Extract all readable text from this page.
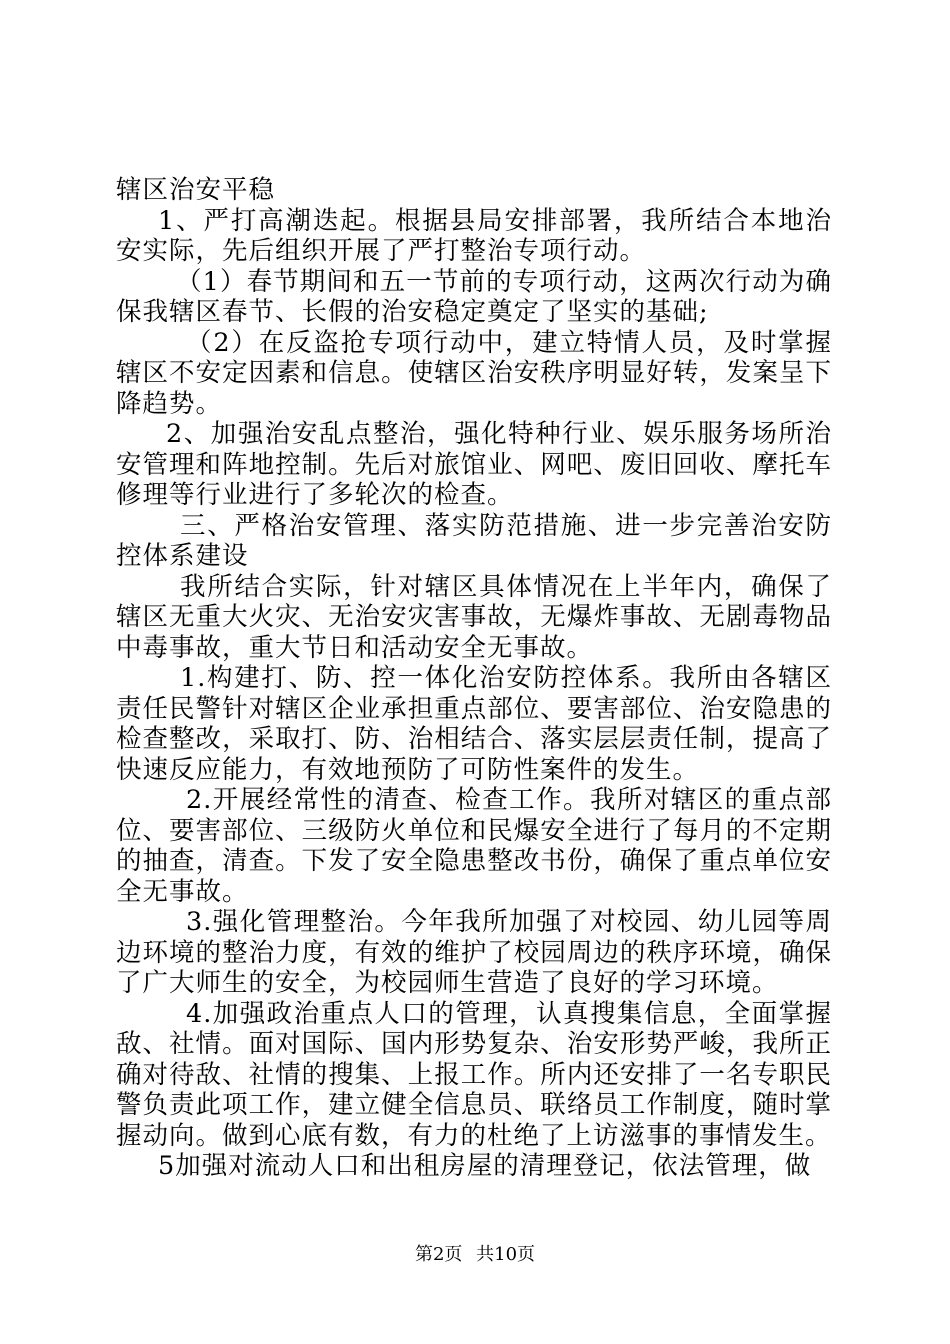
辖区治安平稳

1、严打高潮迭起。根据县局安排部署，我所结合本地治安实际，先后组织开展了严打整治专项行动。

（1）春节期间和五一节前的专项行动，这两次行动为确保我辖区春节、长假的治安稳定奠定了坚实的基础;

（2）在反盗抢专项行动中，建立特情人员，及时掌握辖区不安定因素和信息。使辖区治安秩序明显好转，发案呈下降趋势。

2、加强治安乱点整治，强化特种行业、娱乐服务场所治安管理和阵地控制。先后对旅馆业、网吧、废旧回收、摩托车修理等行业进行了多轮次的检查。

三、严格治安管理、落实防范措施、进一步完善治安防控体系建设

我所结合实际，针对辖区具体情况在上半年内，确保了辖区无重大火灾、无治安灾害事故，无爆炸事故、无剧毒物品中毒事故，重大节日和活动安全无事故。

1.构建打、防、控一体化治安防控体系。我所由各辖区责任民警针对辖区企业承担重点部位、要害部位、治安隐患的检查整改，采取打、防、治相结合、落实层层责任制，提高了快速反应能力，有效地预防了可防性案件的发生。

2.开展经常性的清查、检查工作。我所对辖区的重点部位、要害部位、三级防火单位和民爆安全进行了每月的不定期的抽查，清查。下发了安全隐患整改书份，确保了重点单位安全无事故。

3.强化管理整治。今年我所加强了对校园、幼儿园等周边环境的整治力度，有效的维护了校园周边的秩序环境，确保了广大师生的安全，为校园师生营造了良好的学习环境。

4.加强政治重点人口的管理，认真搜集信息，全面掌握敌、社情。面对国际、国内形势复杂、治安形势严峻，我所正确对待敌、社情的搜集、上报工作。所内还安排了一名专职民警负责此项工作，建立健全信息员、联络员工作制度，随时掌握动向。做到心底有数，有力的杜绝了上访滋事的事情发生。

5加强对流动人口和出租房屋的清理登记，依法管理，做

第2页 共10页
